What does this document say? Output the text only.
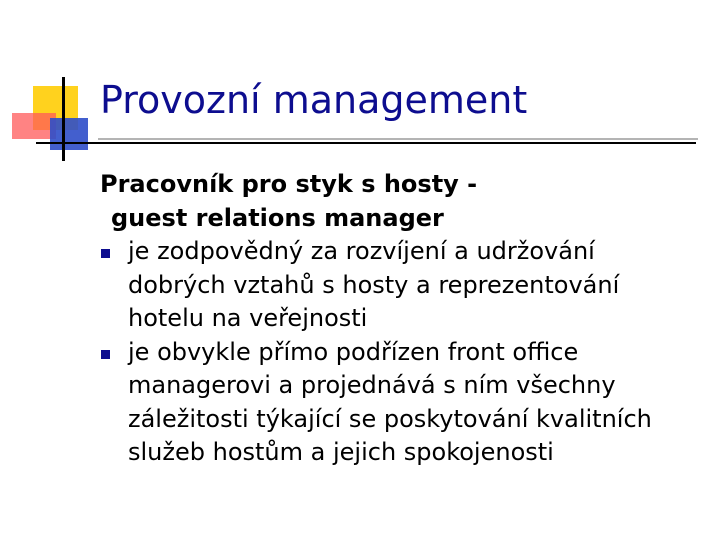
Provozní management
Pracovník pro styk s hosty -
guest relations manager
je zodpovědný za rozvíjení a udržování dobrých vztahů s hosty a reprezentování hotelu na veřejnosti
je obvykle přímo podřízen front office managerovi a projednává s ním všechny záležitosti týkající se poskytování kvalitních služeb hostům a jejich spokojenosti
